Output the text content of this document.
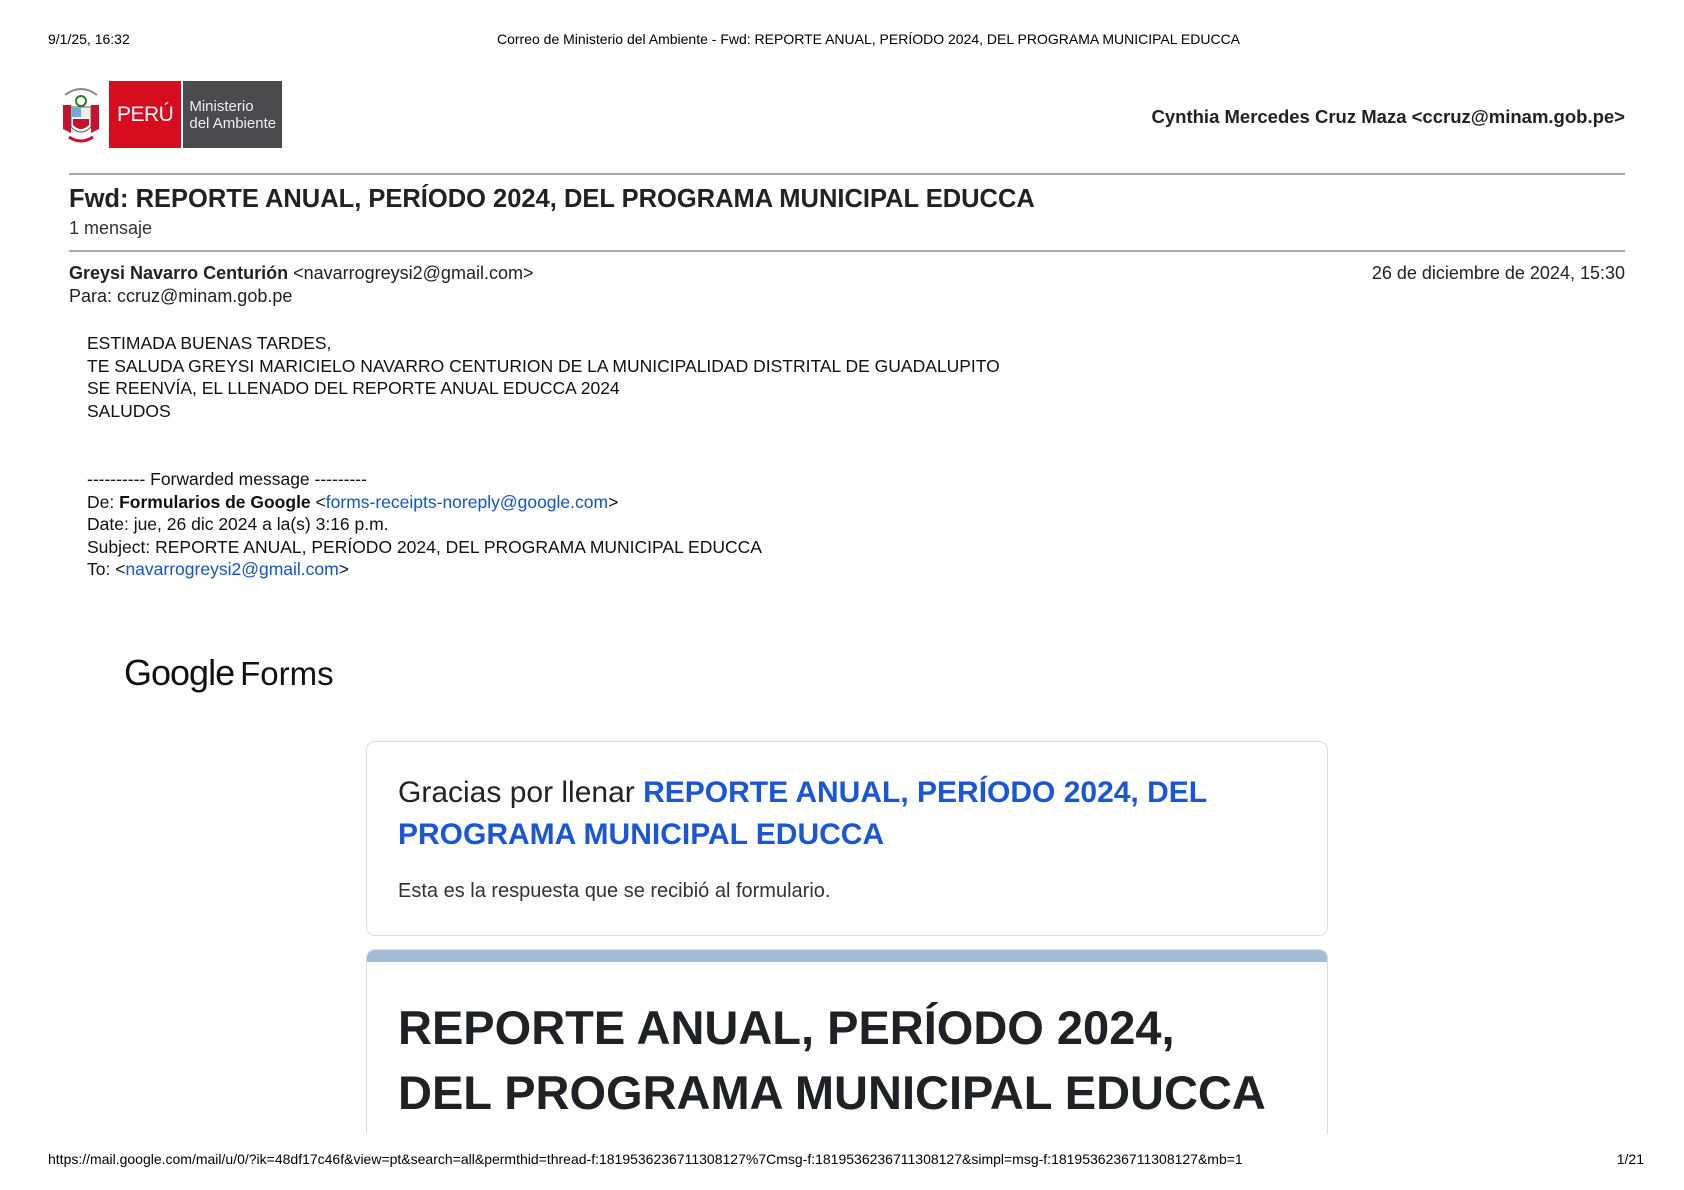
9/1/25, 16:32	Correo de Ministerio del Ambiente - Fwd: REPORTE ANUAL, PERÍODO 2024, DEL PROGRAMA MUNICIPAL EDUCCA
PERÚ	Ministerio
del Ambiente	Cynthia Mercedes Cruz Maza <ccruz@minam.gob.pe>
Fwd: REPORTE ANUAL, PERÍODO 2024, DEL PROGRAMA MUNICIPAL EDUCCA
1 mensaje
Greysi Navarro Centurión <navarrogreysi2@gmail.com>	26 de diciembre de 2024, 15:30
Para: ccruz@minam.gob.pe
ESTIMADA BUENAS TARDES,
TE SALUDA GREYSI MARICIELO NAVARRO CENTURION DE LA MUNICIPALIDAD DISTRITAL DE GUADALUPITO
SE REENVÍA, EL LLENADO DEL REPORTE ANUAL EDUCCA 2024
SALUDOS
---------- Forwarded message ---------
De: Formularios de Google <forms-receipts-noreply@google.com>
Date: jue, 26 dic 2024 a la(s) 3:16 p.m.
Subject: REPORTE ANUAL, PERÍODO 2024, DEL PROGRAMA MUNICIPAL EDUCCA
To: <navarrogreysi2@gmail.com>
Google Forms
Gracias por llenar REPORTE ANUAL, PERÍODO 2024, DEL
PROGRAMA MUNICIPAL EDUCCA
Esta es la respuesta que se recibió al formulario.
REPORTE ANUAL, PERÍODO 2024,
DEL PROGRAMA MUNICIPAL EDUCCA
https://mail.google.com/mail/u/0/?ik=48df17c46f&view=pt&search=all&permthid=thread-f:1819536236711308127%7Cmsg-f:1819536236711308127&simpl=msg-f:1819536236711308127&mb=1	1/21
